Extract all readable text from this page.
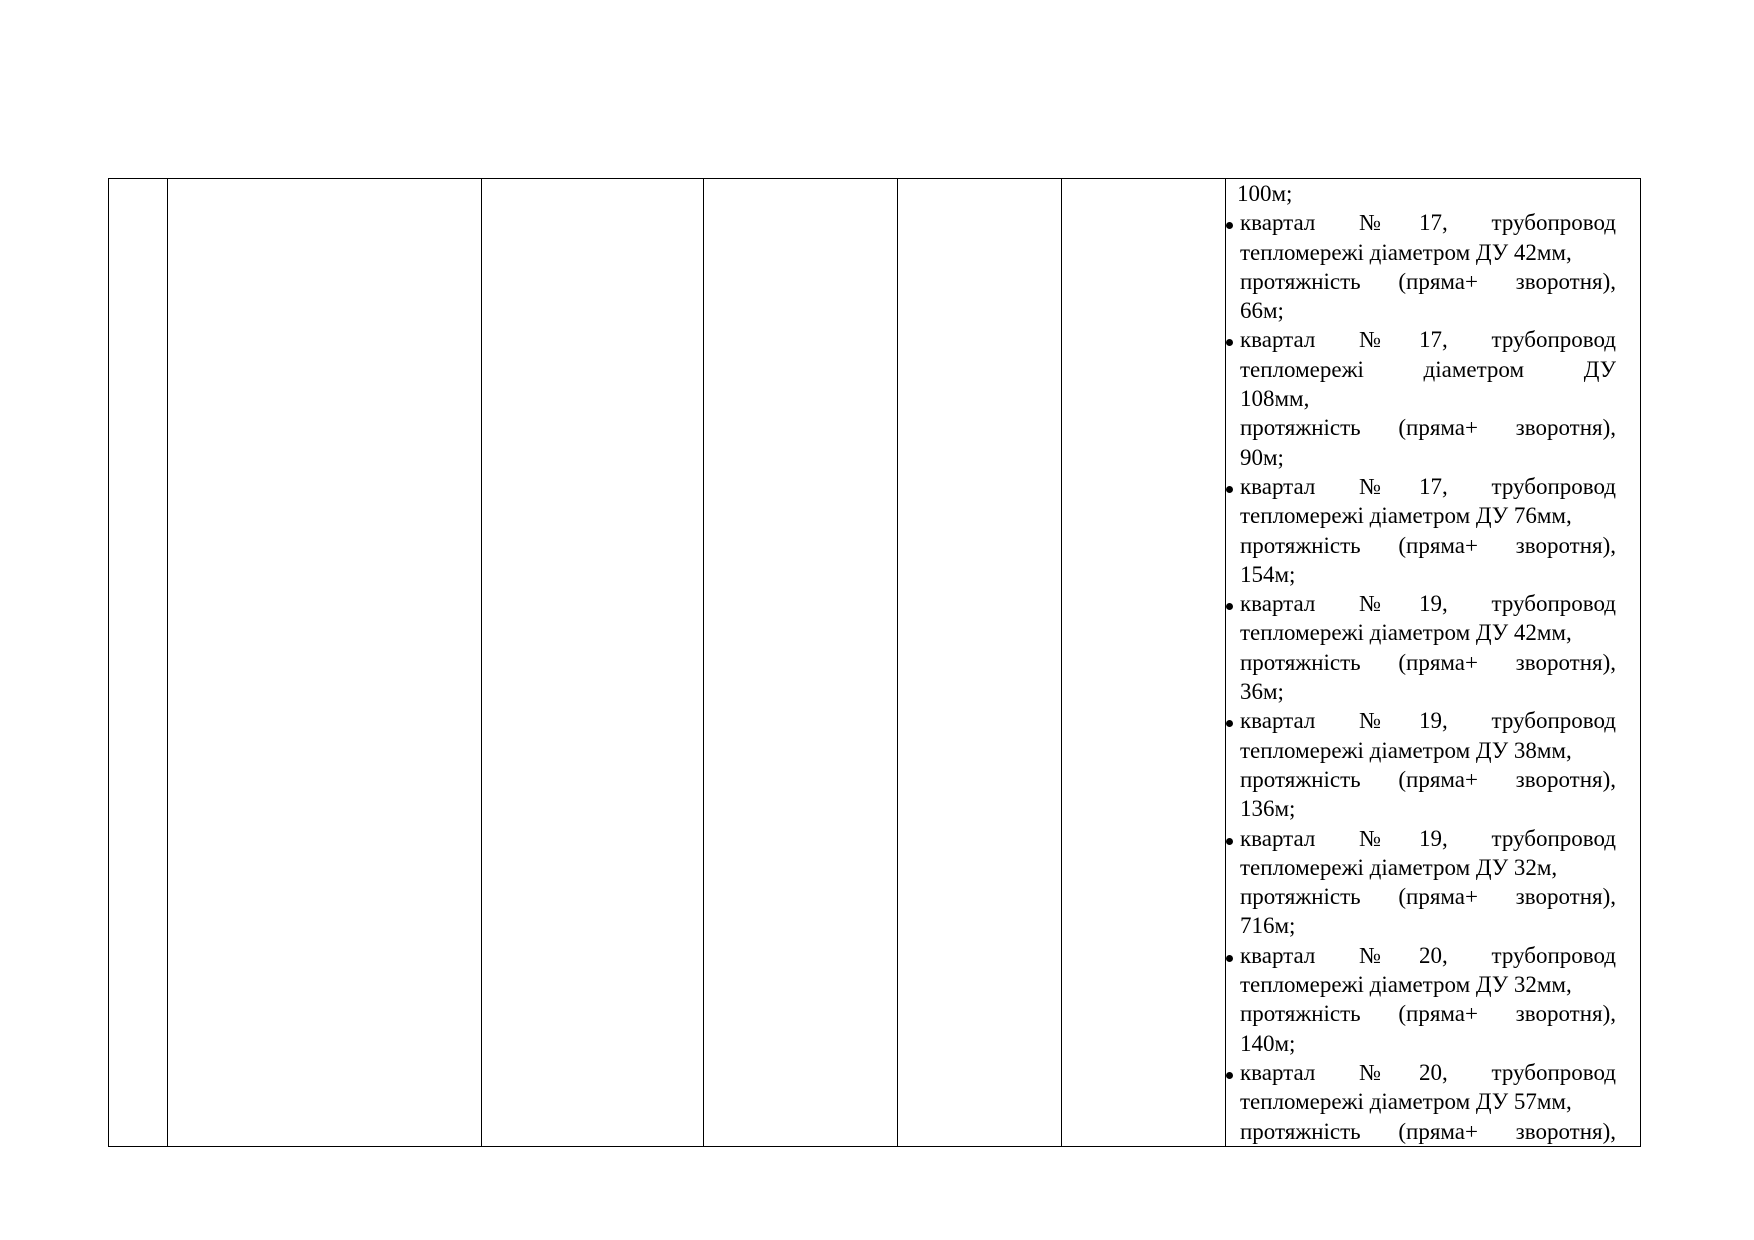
100м;
квартал №17, трубопровод
тепломережі діаметром ДУ 42мм,
протяжність (пряма+ зворотня),
66м;
квартал №17, трубопровод
тепломережі діаметром ДУ
108мм,
протяжність (пряма+ зворотня),
90м;
квартал №17, трубопровод
тепломережі діаметром ДУ 76мм,
протяжність (пряма+ зворотня),
154м;
квартал №19, трубопровод
тепломережі діаметром ДУ 42мм,
протяжність (пряма+ зворотня),
36м;
квартал №19, трубопровод
тепломережі діаметром ДУ 38мм,
протяжність (пряма+ зворотня),
136м;
квартал №19, трубопровод
тепломережі діаметром ДУ 32м,
протяжність (пряма+ зворотня),
716м;
квартал №20, трубопровод
тепломережі діаметром ДУ 32мм,
протяжність (пряма+ зворотня),
140м;
квартал №20, трубопровод
тепломережі діаметром ДУ 57мм,
протяжність (пряма+ зворотня),
